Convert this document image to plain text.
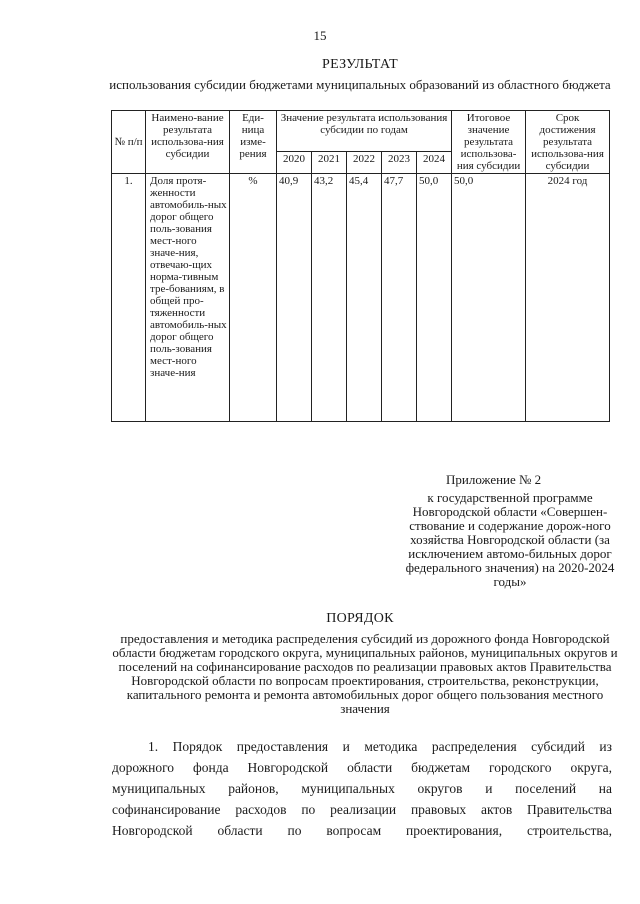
15
РЕЗУЛЬТАТ
использования субсидии бюджетами муниципальных образований из областного бюджета
№ п/п	Наимено-вание результата использова-ния субсидии	Еди-ница изме-рения	Значение результата использования субсидии по годам					Итоговое значение результата использова-ния субсидии	Срок достижения результата использова-ния субсидии
			2020	2021	2022	2023	2024		
1.	Доля протя-женности автомобиль-ных дорог общего поль-зования мест-ного значе-ния, отвечаю-щих норма-тивным тре-бованиям, в общей про-тяженности автомобиль-ных дорог общего поль-зования мест-ного значе-ния	%	40,9	43,2	45,4	47,7	50,0	50,0	2024 год
Приложение № 2
к государственной программе Новгородской области «Совершен-ствование и содержание дорож-ного хозяйства Новгородской области (за исключением автомо-бильных дорог федерального значения) на 2020-2024 годы»
ПОРЯДОК
предоставления и методика распределения субсидий из дорожного фонда Новгородской области бюджетам городского округа, муниципальных районов, муниципальных округов и поселений на софинансирование расходов по реализации правовых актов Правительства Новгородской области по вопросам проектирования, строительства, реконструкции, капитального ремонта и ремонта автомобильных дорог общего пользования местного значения
1. Порядок предоставления и методика распределения субсидий из
дорожного фонда Новгородской области бюджетам городского округа,
муниципальных районов, муниципальных округов и поселений на
софинансирование расходов по реализации правовых актов Правительства
Новгородской области по вопросам проектирования, строительства,
